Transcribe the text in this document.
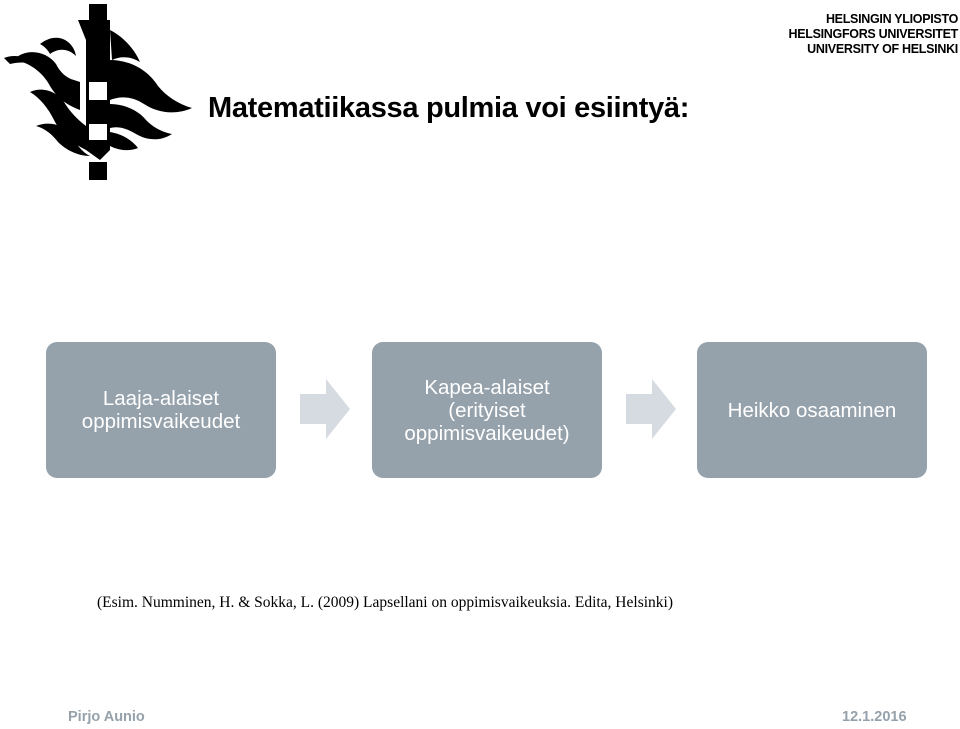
HELSINGIN YLIOPISTO
HELSINGFORS UNIVERSITET
UNIVERSITY OF HELSINKI
Matematiikassa pulmia voi esiintyä:
Laaja-alaiset
oppimisvaikeudet
Kapea-alaiset
(erityiset
oppimisvaikeudet)
Heikko osaaminen
(Esim. Numminen, H. & Sokka, L. (2009) Lapsellani on oppimisvaikeuksia. Edita, Helsinki)
Pirjo Aunio	12.1.2016
